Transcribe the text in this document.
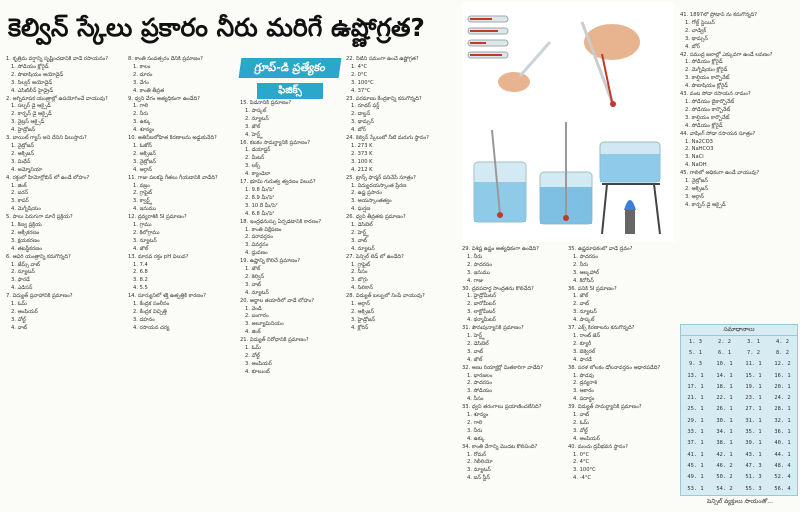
కెల్విన్ స్కేలు ప్రకారం నీరు మరిగే ఉష్ణోగ్రత?
గ్రూప్-డి ప్రత్యేకం
ఫిజిక్స్
1. కృత్రిమ వర్షాన్ని సృష్టించడానికి వాడే రసాయనం?
1. సోడియం క్లోరైడ్
2. పొటాషియం అయోడైడ్
3. సిల్వర్ అయోడైడ్
4. ఎసిటిలీన్ హైడ్రైడ్
2. అగ్నిమాపక యంత్రాల్లో ఉపయోగించే వాయువు?
1. సల్ఫర్ డై ఆక్సైడ్
2. కార్బన్ డై ఆక్సైడ్
3. నైట్రస్ ఆక్సైడ్
4. హైడ్రోజన్
3. బాయిల్ గ్యాస్ అని దేనిని పిలుస్తారు?
1. నైట్రోజన్
2. ఆక్సిజన్
3. మిథేన్
4. అమ్మోనియా
4. రక్తంలో హిమోగ్లోబిన్ లో ఉండే లోహం?
1. జింక్
2. ఐరన్
3. కాపర్
4. మెగ్నీషియం
5. పాలు పెరుగుగా మారే ప్రక్రియ?
1. కిణ్వ ప్రక్రియ
2. ఆక్సీకరణం
3. క్షయకరణం
4. తటస్థీకరణం
6. ఆవిరి యంత్రాన్ని కనుగొన్నది?
1. జేమ్స్ వాట్
2. న్యూటన్
3. ఫారడే
4. ఎడిసన్
7. విద్యుత్ ప్రవాహానికి ప్రమాణం?
1. ఓమ్
2. ఆంపియర్
3. వోల్ట్
4. వాట్
8. కాంతి సంవత్సరం దేనికి ప్రమాణం?
1. కాలం
2. దూరం
3. వేగం
4. కాంతి తీవ్రత
9. ధ్వని వేగం అత్యధికంగా ఉండేది?
1. గాలి
2. నీరు
3. ఉక్కు
4. శూన్యం
10. అతినీలలోహిత కిరణాలను అడ్డుకునేది?
1. ఓజోన్
2. ఆక్సిజన్
3. నైట్రోజన్
4. ఆర్గాన్
11. గాజు పలకపై గీతలు గీయడానికి వాడేది?
1. వజ్రం
2. గ్రాఫైట్
3. క్వార్ట్జ్
4. ఇనుము
12. ద్రవ్యరాశికి SI ప్రమాణం?
1. గ్రాము
2. కిలోగ్రాము
3. న్యూటన్
4. జౌల్
13. మానవ రక్తం pH విలువ?
1. 7.4
2. 6.8
3. 8.2
4. 5.5
14. సూర్యునిలో శక్తి ఉత్పత్తికి కారణం?
1. కేంద్రక సంలీనం
2. కేంద్రక విచ్ఛిత్తి
3. దహనం
4. రసాయన చర్య
15. పీడనానికి ప్రమాణం?
1. పాస్కల్
2. న్యూటన్
3. జౌల్
4. హెర్ట్జ్
16. కటకం సామర్థ్యానికి ప్రమాణం?
1. డయాప్టర్
2. మీటర్
3. లక్స్
4. క్యాండెలా
17. భూమి గురుత్వ త్వరణం విలువ?
1. 9.8 మీ/సె²
2. 8.9 మీ/సె²
3. 10.8 మీ/సె²
4. 6.8 మీ/సె²
18. ఇంద్రధనుస్సు ఏర్పడటానికి కారణం?
1. కాంతి విక్షేపణం
2. పరావర్తనం
3. వివర్తనం
4. ధ్రువణం
19. ఉష్ణాన్ని కొలిచే ప్రమాణం?
1. జౌల్
2. కెల్విన్
3. వాట్
4. న్యూటన్
20. అద్దాల తయారీలో వాడే లోహం?
1. వెండి
2. బంగారం
3. అల్యూమినియం
4. జింక్
21. విద్యుత్ నిరోధానికి ప్రమాణం?
1. ఓమ్
2. వోల్ట్
3. ఆంపియర్
4. కూలుంబ్
22. నీటిని సమంగా ఉంచే ఉష్ణోగ్రత?
1. 4°C
2. 0°C
3. 100°C
4. 37°C
23. పరమాణు కేంద్రకాన్ని కనుగొన్నది?
1. రూథర్ ఫర్డ్
2. డాల్టన్
3. థామ్సన్
4. బోర్
24. కెల్విన్ స్కేలులో నీటి మరుగు స్థానం?
1. 273 K
2. 373 K
3. 100 K
4. 212 K
25. ట్రాన్స్ ఫార్మర్ పనిచేసే సూత్రం?
1. విద్యుదయస్కాంత ప్రేరణ
2. ఉష్ణ ప్రసారం
3. అయస్కాంతత్వం
4. ఘర్షణ
26. ధ్వని తీవ్రతకు ప్రమాణం?
1. డెసిబెల్
2. హెర్ట్జ్
3. వాట్
4. న్యూటన్
27. పెన్సిల్ లెడ్ లో ఉండేది?
1. గ్రాఫైట్
2. సీసం
3. బొగ్గు
4. సిలికాన్
28. విద్యుత్ బల్బులో నింపే వాయువు?
1. ఆర్గాన్
2. ఆక్సిజన్
3. హైడ్రోజన్
4. క్లోరిన్
29. విశిష్ట ఉష్ణం అత్యధికంగా ఉండేది?
1. నీరు
2. పాదరసం
3. ఇనుము
4. గాజు
30. ద్రవపదార్థ సాంద్రతను కొలిచేది?
1. హైడ్రోమీటర్
2. బారోమీటర్
3. లాక్టోమీటర్
4. థర్మామీటర్
31. పౌనఃపున్యానికి ప్రమాణం?
1. హెర్ట్జ్
2. డెసిబెల్
3. వాట్
4. జౌల్
32. అణు రియాక్టర్లో మితకారిగా వాడేది?
1. భారజలం
2. పాదరసం
3. సోడియం
4. సీసం
33. ధ్వని తరంగాలు ప్రయాణించలేనిది?
1. శూన్యం
2. గాలి
3. నీరు
4. ఉక్కు
34. కాంతి వేగాన్ని మొదట కొలిచింది?
1. రోమర్
2. గెలీలియో
3. న్యూటన్
4. ఐన్ స్టీన్
35. ఉష్ణమాపకంలో వాడే ద్రవం?
1. పాదరసం
2. నీరు
3. ఆల్కహాల్
4. కిరోసిన్
36. పనికి SI ప్రమాణం?
1. జౌల్
2. వాట్
3. న్యూటన్
4. పాస్కల్
37. ఎక్స్ కిరణాలను కనుగొన్నది?
1. రాంట్ జెన్
2. క్యూరీ
3. బెక్వెరల్
4. ఫారడే
38. సరళ లోలకం డోలనావర్తనం ఆధారపడేది?
1. పొడవు
2. ద్రవ్యరాశి
3. ఆకారం
4. పదార్థం
39. విద్యుత్ సామర్థ్యానికి ప్రమాణం?
1. వాట్
2. ఓమ్
3. వోల్ట్
4. ఆంపియర్
40. మంచు ద్రవీభవన స్థానం?
1. 0°C
2. 4°C
3. 100°C
4. -4°C
41. 1897లో ప్రోటాన్ ను కనుగొన్నది?
1. గోల్డ్ స్టెయిన్
2. చాడ్విక్
3. థామ్సన్
4. బోర్
42. సముద్ర జలాల్లో ఎక్కువగా ఉండే లవణం?
1. సోడియం క్లోరైడ్
2. మెగ్నీషియం క్లోరైడ్
3. కాల్షియం కార్బొనేట్
4. పొటాషియం క్లోరైడ్
43. వంట సోడా రసాయన నామం?
1. సోడియం బైకార్బొనేట్
2. సోడియం కార్బొనేట్
3. కాల్షియం కార్బొనేట్
4. సోడియం క్లోరైడ్
44. వాషింగ్ సోడా రసాయన సూత్రం?
1. Na2CO3
2. NaHCO3
3. NaCl
4. NaOH
45. గాలిలో అధికంగా ఉండే వాయువు?
1. నైట్రోజన్
2. ఆక్సిజన్
3. ఆర్గాన్
4. కార్బన్ డై ఆక్సైడ్
సమాధానాలు
1. 3	2. 2	3. 1	4. 2
5. 1	6. 1	7. 2	8. 2
9. 3	10. 1	11. 1	12. 2
13. 1	14. 1	15. 1	16. 1
17. 1	18. 1	19. 1	20. 1
21. 1	22. 1	23. 1	24. 2
25. 1	26. 1	27. 1	28. 1
29. 1	30. 1	31. 1	32. 1
33. 1	34. 1	35. 1	36. 1
37. 1	38. 1	39. 1	40. 1
41. 1	42. 1	43. 1	44. 1
45. 1	46. 2	47. 3	48. 4
49. 1	50. 2	51. 3	52. 4
53. 1	54. 2	55. 3	56. 4
పెన్సిల్ వ్యక్తులు సాయంతో...
